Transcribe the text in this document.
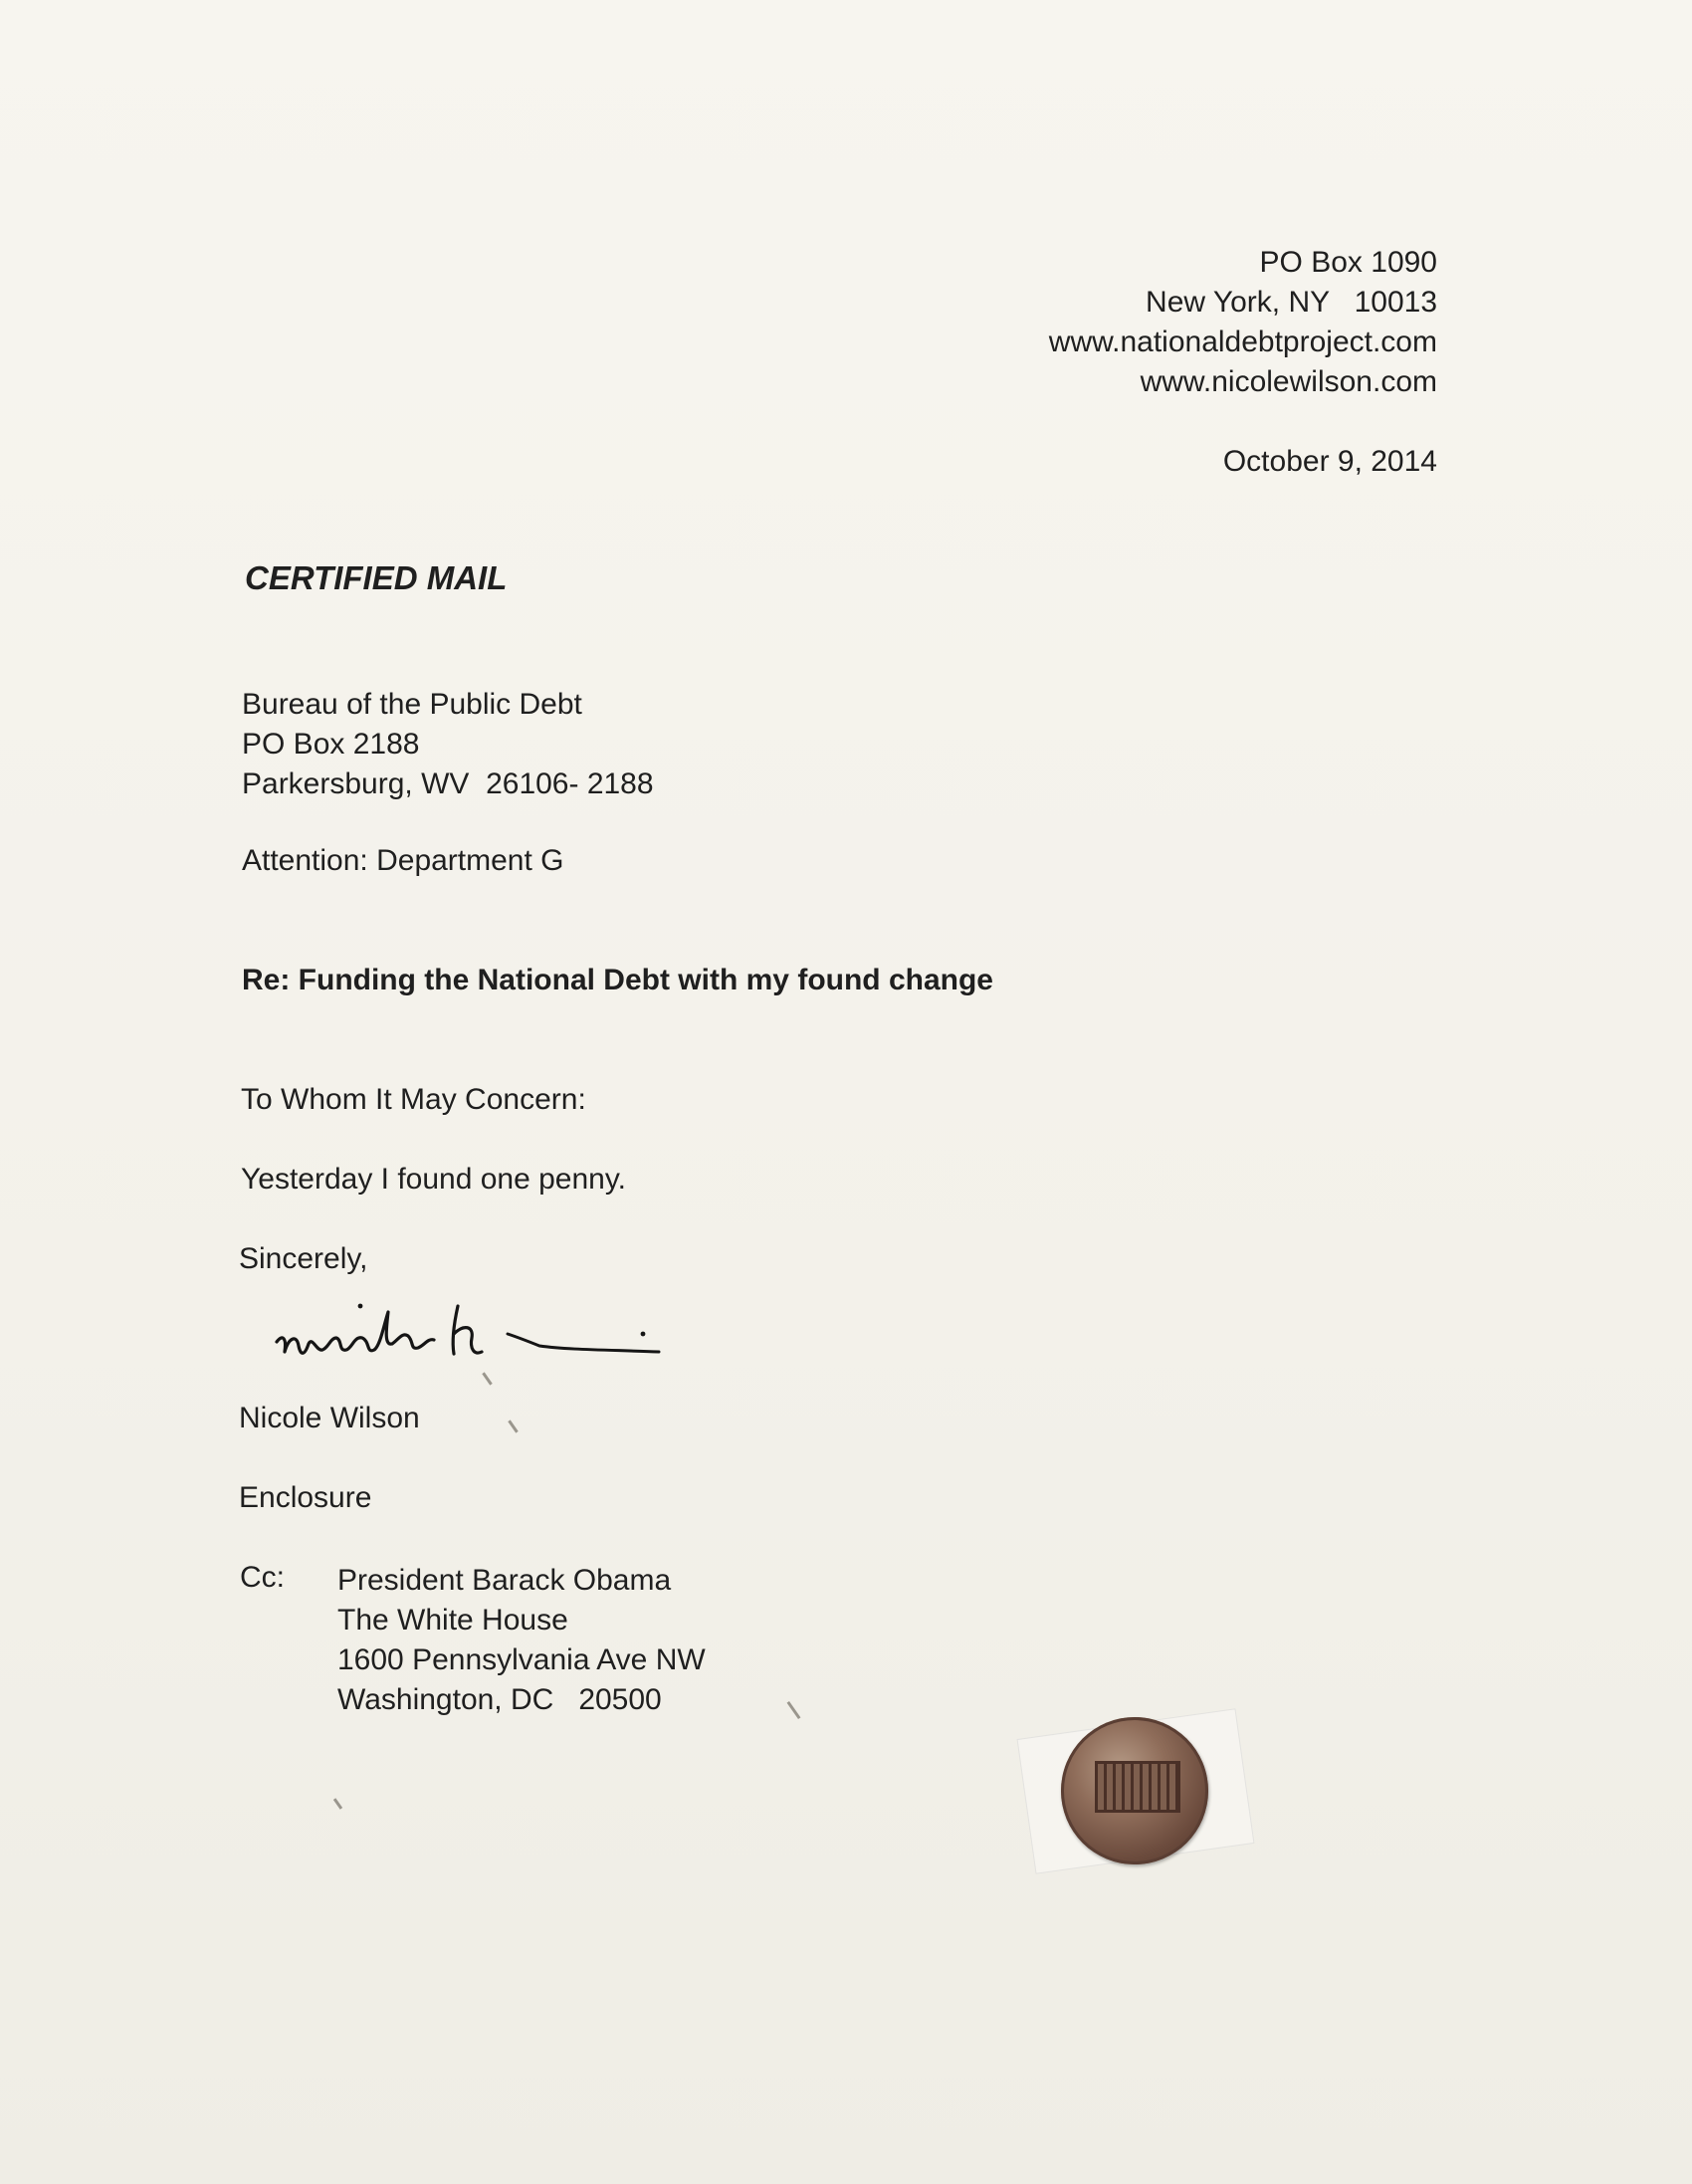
PO Box 1090
New York, NY   10013
www.nationaldebtproject.com
www.nicolewilson.com
October 9, 2014
CERTIFIED MAIL
Bureau of the Public Debt
PO Box 2188
Parkersburg, WV  26106- 2188
Attention: Department G
Re: Funding the National Debt with my found change
To Whom It May Concern:
Yesterday I found one penny.
Sincerely,
Nicole Wilson
Enclosure
Cc: President Barack Obama
The White House
1600 Pennsylvania Ave NW
Washington, DC   20500
